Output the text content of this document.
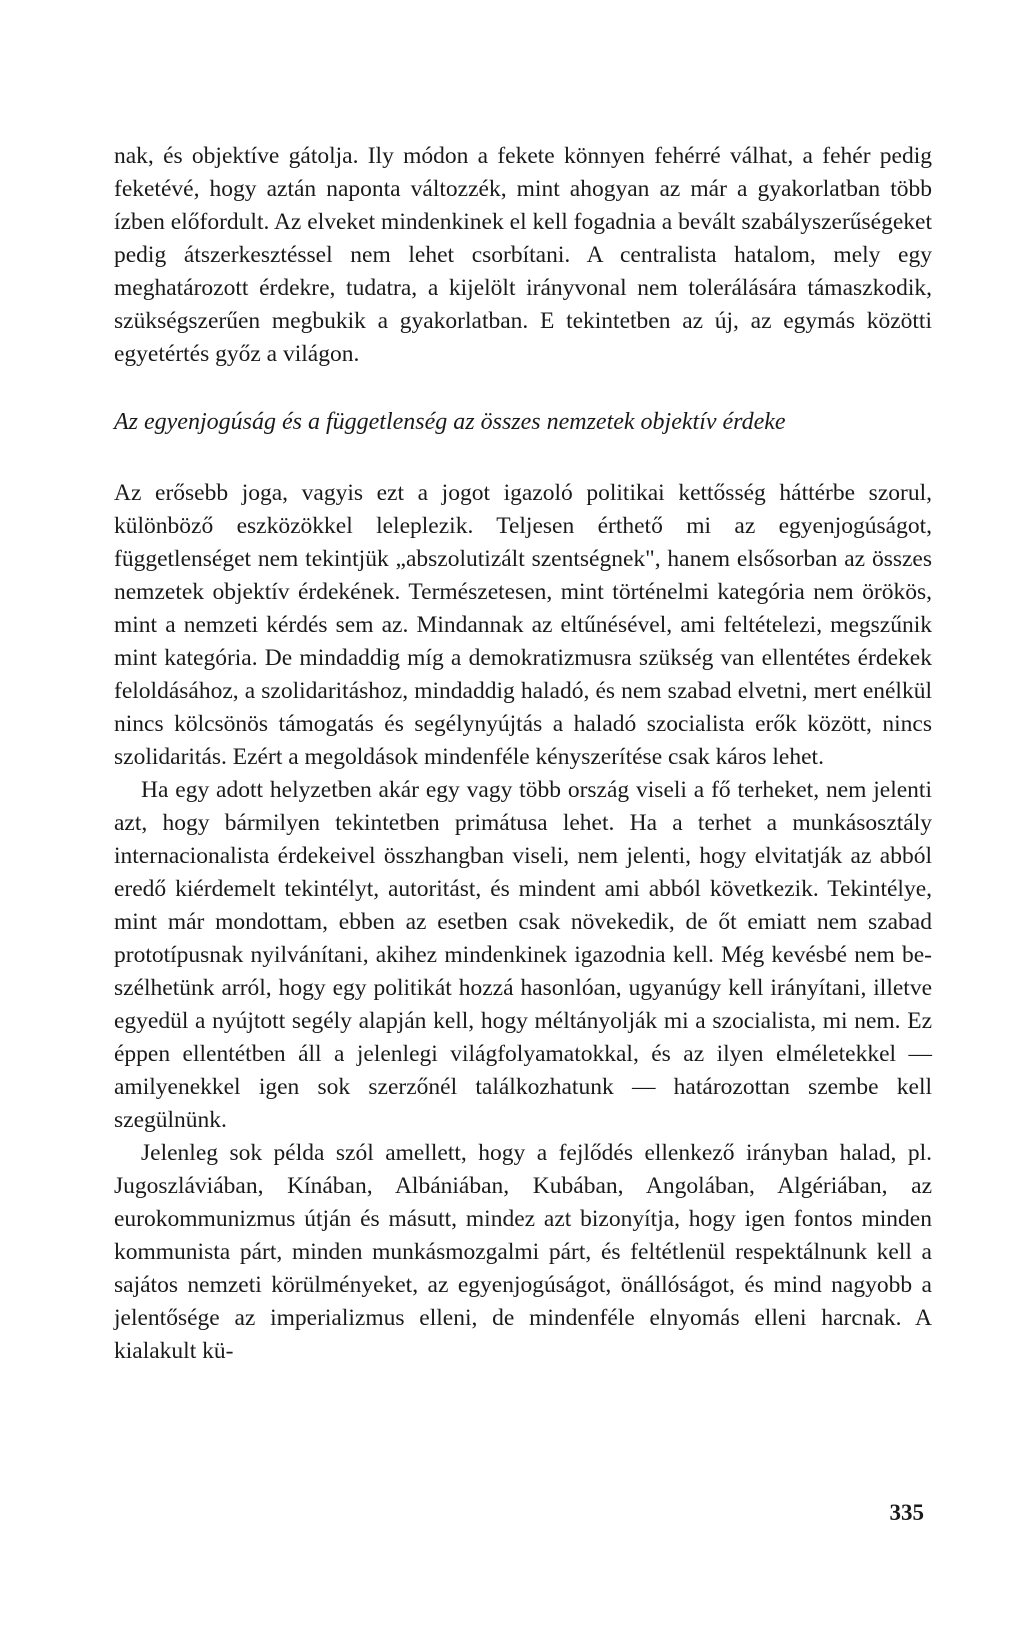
nak, és objektíve gátolja. Ily módon a fekete könnyen fehérré válhat, a fehér pedig feketévé, hogy aztán naponta változzék, mint ahogyan az már a gyakorlatban több ízben előfordult. Az elveket mindenkinek el kell fogadnia a bevált szabályszerűségeket pedig átszerkesztéssel nem lehet csorbítani. A centralista hatalom, mely egy meghatározott érdekre, tudatra, a kijelölt irányvonal nem tolerálására támaszkodik, szükségszerűen megbukik a gyakorlatban. E tekintetben az új, az egymás közötti egyetértés győz a világon.

Az egyenjogúság és a függetlenség az összes nemzetek objektív érdeke

Az erősebb joga, vagyis ezt a jogot igazoló politikai kettősség háttérbe szorul, különböző eszközökkel leleplezik. Teljesen érthető mi az egyenjogúságot, függetlenséget nem tekintjük „abszolutizált szentségnek", hanem elsősorban az összes nemzetek objektív érdekének. Természetesen, mint történelmi kategória nem örökös, mint a nemzeti kérdés sem az. Mindannak az eltűnésével, ami feltételezi, megszűnik mint kategória. De mindaddig míg a demokratizmusra szükség van ellentétes érdekek feloldásához, a szolidaritáshoz, mindaddig haladó, és nem szabad elvetni, mert enélkül nincs kölcsönös támogatás és segélynyújtás a haladó szocialista erők között, nincs szolidaritás. Ezért a megoldások mindenféle kényszerítése csak káros lehet.

Ha egy adott helyzetben akár egy vagy több ország viseli a fő terheket, nem jelenti azt, hogy bármilyen tekintetben primátusa lehet. Ha a terhet a munkásosztály internacionalista érdekeivel összhangban viseli, nem jelenti, hogy elvitatják az abból eredő kiérdemelt tekintélyt, autoritást, és mindent ami abból következik. Tekintélye, mint már mondottam, ebben az esetben csak növekedik, de őt emiatt nem szabad prototípusnak nyilvánítani, akihez mindenkinek igazodnia kell. Még kevésbé nem beszélhetünk arról, hogy egy politikát hozzá hasonlóan, ugyanúgy kell irányítani, illetve egyedül a nyújtott segély alapján kell, hogy méltányolják mi a szocialista, mi nem. Ez éppen ellentétben áll a jelenlegi világfolyamatokkal, és az ilyen elméletekkel — amilyenekkel igen sok szerzőnél találkozhatunk — határozottan szembe kell szegülnünk.

Jelenleg sok példa szól amellett, hogy a fejlődés ellenkező irányban halad, pl. Jugoszláviában, Kínában, Albániában, Kubában, Angolában, Algériában, az eurokommunizmus útján és másutt, mindez azt bizonyítja, hogy igen fontos minden kommunista párt, minden munkásmozgalmi párt, és feltétlenül respektálnunk kell a sajátos nemzeti körülményeket, az egyenjogúságot, önállóságot, és mind nagyobb a jelentősége az imperializmus elleni, de mindenféle elnyomás elleni harcnak. A kialakult kü-

335
